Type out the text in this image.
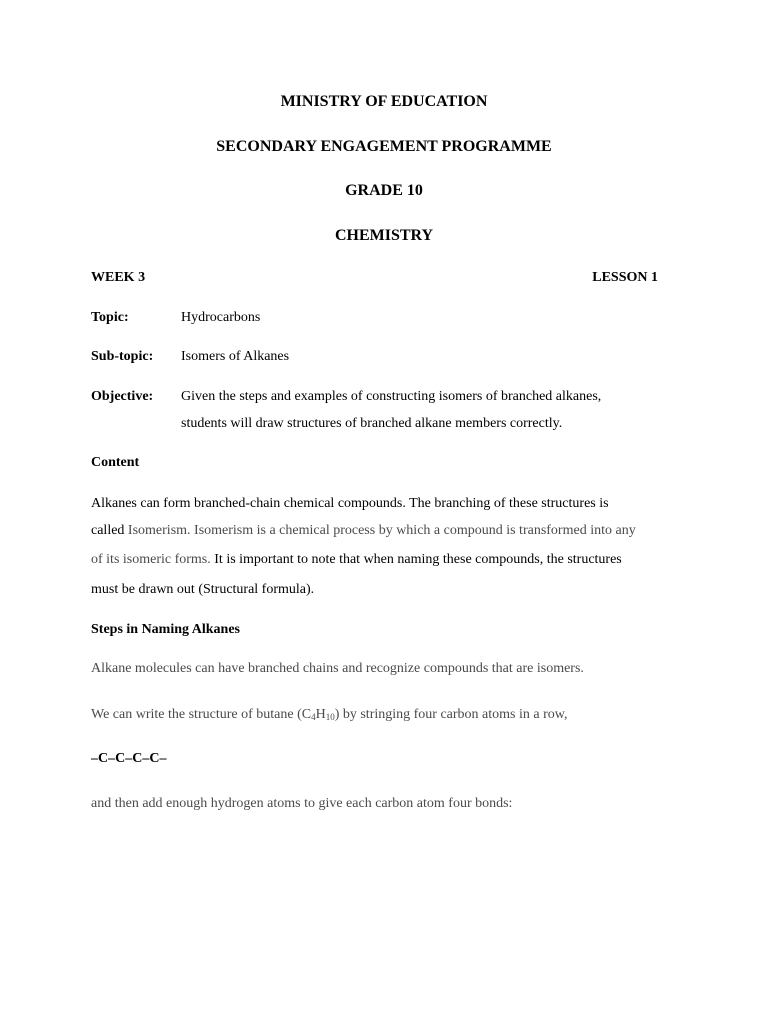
MINISTRY OF EDUCATION
SECONDARY ENGAGEMENT PROGRAMME
GRADE 10
CHEMISTRY
WEEK 3	LESSON 1
Topic:	Hydrocarbons
Sub-topic: Isomers of Alkanes
Objective: Given the steps and examples of constructing isomers of branched alkanes,
students will draw structures of branched alkane members correctly.
Content
Alkanes can form branched-chain chemical compounds. The branching of these structures is
called Isomerism. Isomerism is a chemical process by which a compound is transformed into any
of its isomeric forms. It is important to note that when naming these compounds, the structures
must be drawn out (Structural formula).
Steps in Naming Alkanes
Alkane molecules can have branched chains and recognize compounds that are isomers.
We can write the structure of butane $(C_4H_{10})$ by stringing four carbon atoms in a row,
–C–C–C–C–
and then add enough hydrogen atoms to give each carbon atom four bonds:
